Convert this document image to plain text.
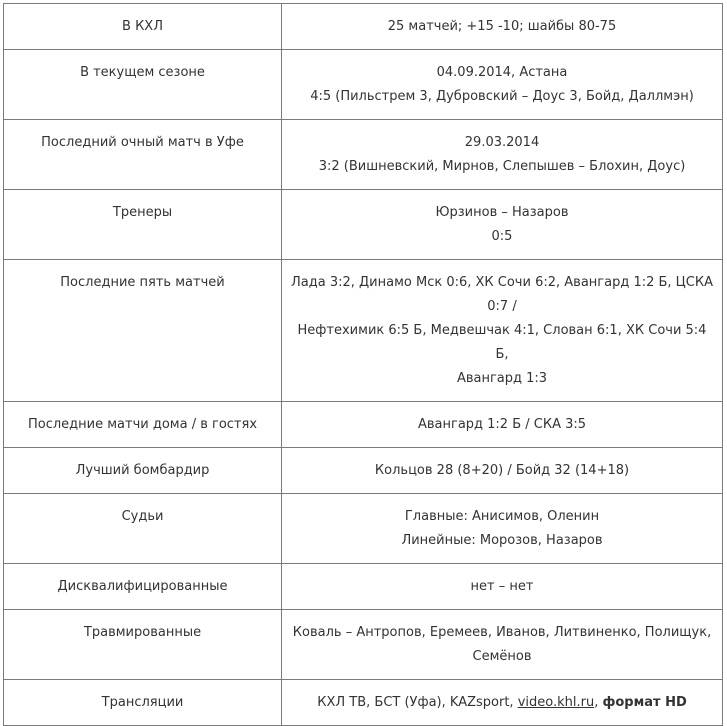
В КХЛ	25 матчей; +15 -10; шайбы 80-75

В текущем сезоне	04.09.2014, Астана
4:5 (Пильстрем 3, Дубровский – Доус 3, Бойд, Даллмэн)

Последний очный матч в Уфе	29.03.2014
3:2 (Вишневский, Мирнов, Слепышев – Блохин, Доус)

Тренеры	Юрзинов – Назаров
0:5

Последние пять матчей	Лада 3:2, Динамо Мск 0:6, ХК Сочи 6:2, Авангард 1:2 Б, ЦСКА 0:7 /
Нефтехимик 6:5 Б, Медвешчак 4:1, Слован 6:1, ХК Сочи 5:4 Б,
Авангард 1:3

Последние матчи дома / в гостях	Авангард 1:2 Б / СКА 3:5

Лучший бомбардир	Кольцов 28 (8+20) / Бойд 32 (14+18)

Судьи	Главные: Анисимов, Оленин
Линейные: Морозов, Назаров

Дисквалифицированные	нет – нет

Травмированные	Коваль – Антропов, Еремеев, Иванов, Литвиненко, Полищук,
Семёнов

Трансляции	КХЛ ТВ, БСТ (Уфа), KAZsport, video.khl.ru, формат HD
